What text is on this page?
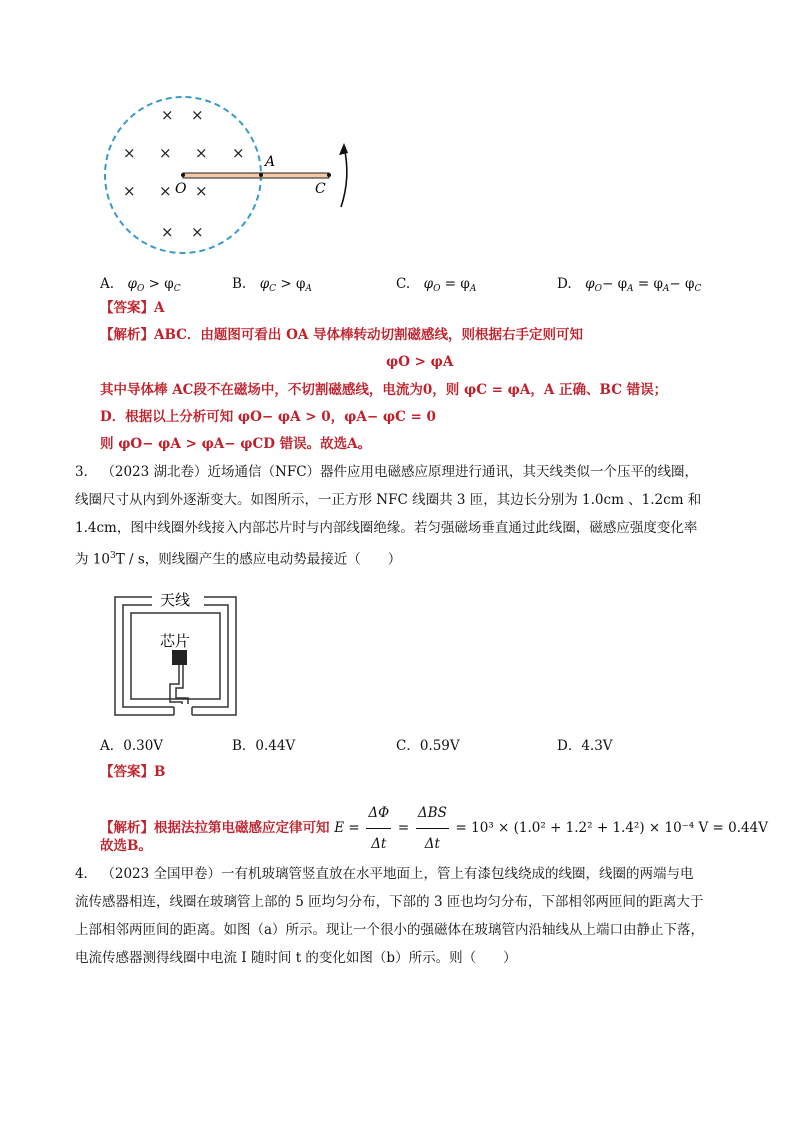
× ×
× × × ×
× × ×
× ×
A
O	C
A.　 $\varphi_O > \varphi_C$	B.　 $\varphi_C > \varphi_A$	C.　 $\varphi_O = \varphi_A$	D.　 $\varphi_O- \varphi_A = \varphi_A- \varphi_C$
【答案】A
【解析】ABC．由题图可看出 OA 导体棒转动切割磁感线，则根据右手定则可知
φO > φA
其中导体棒 AC段不在磁场中，不切割磁感线，电流为0，则 φC = φA，A 正确、BC 错误；
D．根据以上分析可知 φO− φA > 0，φA− φC = 0
则 φO− φA > φA− φCD 错误。故选A。
3． （2023 湖北卷）近场通信（NFC）器件应用电磁感应原理进行通讯，其天线类似一个压平的线圈，
线圈尺寸从内到外逐渐变大。如图所示，一正方形 NFC 线圈共 3 匝，其边长分别为 1.0cm 、1.2cm 和
1.4cm，图中线圈外线接入内部芯片时与内部线圈绝缘。若匀强磁场垂直通过此线圈，磁感应强度变化率
为 $10^3T$ / s，则线圈产生的感应电动势最接近（　　）
天线
芯片
A．0.30V	B．0.44V	C．0.59V	D．4.3V
【答案】B
【解析】根据法拉第电磁感应定律可知 $E = \frac{\Delta\Phi}{\Delta t} = \frac{\text{ΔBS}}{\Delta t} = 10^3 \times (1.0^2 + 1.2^2 + 1.4^2) \times 10^{-4}$ V = 0.44V
故选B。
4． （2023 全国甲卷）一有机玻璃管竖直放在水平地面上，管上有漆包线绕成的线圈，线圈的两端与电
流传感器相连，线圈在玻璃管上部的 5 匝均匀分布，下部的 3 匝也均匀分布，下部相邻两匝间的距离大于
上部相邻两匝间的距离。如图（a）所示。现让一个很小的强磁体在玻璃管内沿轴线从上端口由静止下落，
电流传感器测得线圈中电流 I 随时间 t 的变化如图（b）所示。则（　　）
